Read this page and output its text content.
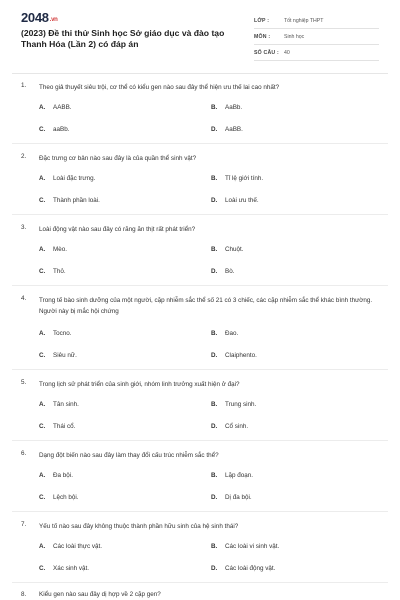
2048.vn
(2023) Đề thi thử Sinh học Sở giáo dục và đào tạo Thanh Hóa (Lần 2) có đáp án
LỚP :	Tốt nghiệp THPT
MÔN :	Sinh học
SỐ CÂU : 40
1. Theo giả thuyết siêu trội, cơ thể có kiểu gen nào sau đây thể hiện ưu thế lai cao nhất?
A. AABB.	B. AaBb.
C. aaBb.	D. AaBB.
2. Đặc trưng cơ bản nào sau đây là của quần thể sinh vật?
A. Loài đặc trưng.	B. Tỉ lệ giới tính.
C. Thành phần loài.	D. Loài ưu thế.
3. Loài động vật nào sau đây có răng ăn thịt rất phát triển?
A. Mèo.	B. Chuột.
C. Thỏ.	D. Bò.
4. Trong tế bào sinh dưỡng của một người, cặp nhiễm sắc thể số 21 có 3 chiếc, các cặp nhiễm sắc thể khác bình thường. Người này bị mắc hội chứng
A. Tocno.	B. Đao.
C. Siêu nữ.	D. Claiphento.
5. Trong lịch sử phát triển của sinh giới, nhóm linh trưởng xuất hiện ở đại?
A. Tân sinh.	B. Trung sinh.
C. Thái cổ.	D. Cổ sinh.
6. Dạng đột biến nào sau đây làm thay đổi cấu trúc nhiễm sắc thể?
A. Đa bội.	B. Lặp đoạn.
C. Lệch bội.	D. Dị đa bội.
7. Yếu tố nào sau đây không thuộc thành phần hữu sinh của hệ sinh thái?
A. Các loài thực vật.	B. Các loài vi sinh vật.
C. Xác sinh vật.	D. Các loài động vật.
8. Kiểu gen nào sau đây dị hợp về 2 cặp gen?
